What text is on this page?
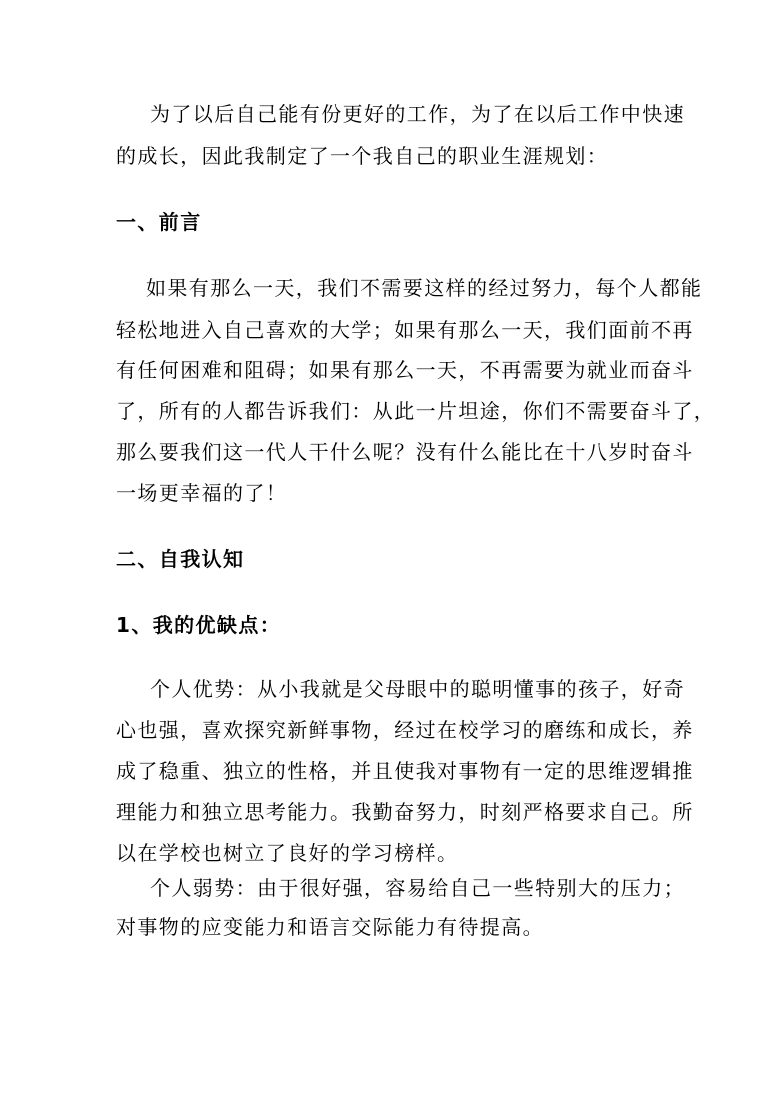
为了以后自己能有份更好的工作，为了在以后工作中快速
的成长，因此我制定了一个我自己的职业生涯规划：
一、前言
如果有那么一天，我们不需要这样的经过努力，每个人都能
轻松地进入自己喜欢的大学；如果有那么一天，我们面前不再
有任何困难和阻碍；如果有那么一天，不再需要为就业而奋斗
了，所有的人都告诉我们：从此一片坦途，你们不需要奋斗了，
那么要我们这一代人干什么呢？没有什么能比在十八岁时奋斗
一场更幸福的了！
二、自我认知
1、我的优缺点：
个人优势：从小我就是父母眼中的聪明懂事的孩子，好奇
心也强，喜欢探究新鲜事物，经过在校学习的磨练和成长，养
成了稳重、独立的性格，并且使我对事物有一定的思维逻辑推
理能力和独立思考能力。我勤奋努力，时刻严格要求自己。所
以在学校也树立了良好的学习榜样。
个人弱势：由于很好强，容易给自己一些特别大的压力；
对事物的应变能力和语言交际能力有待提高。
